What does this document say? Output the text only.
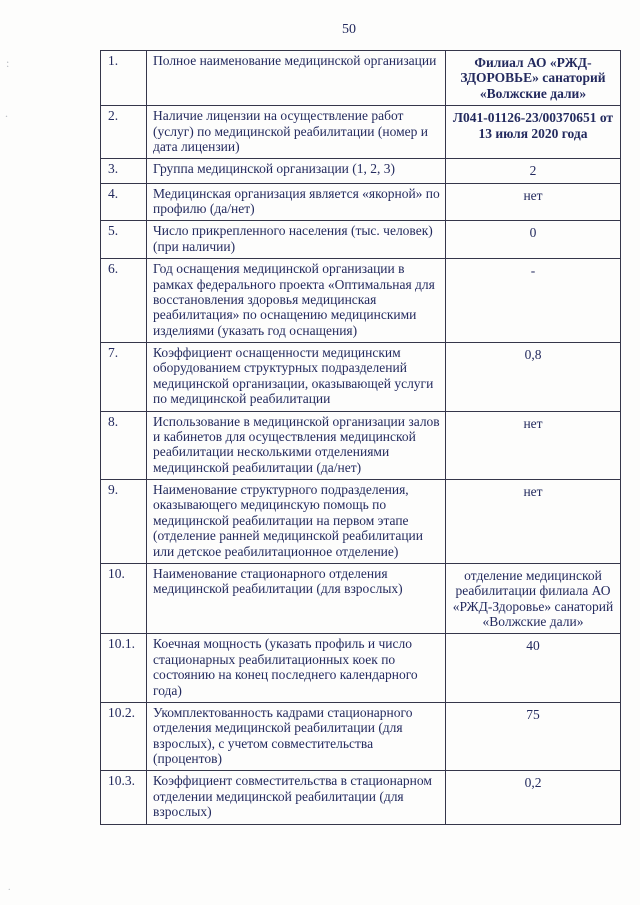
:
.
.
50
1.	Полное наименование медицинской организации	Филиал АО «РЖД-ЗДОРОВЬЕ» санаторий «Волжские дали»
2.	Наличие лицензии на осуществление работ (услуг) по медицинской реабилитации (номер и дата лицензии)	Л041-01126-23/00370651 от 13 июля 2020 года
3.	Группа медицинской организации (1, 2, 3)	2
4.	Медицинская организация является «якорной» по профилю (да/нет)	нет
5.	Число прикрепленного населения (тыс. человек) (при наличии)	0
6.	Год оснащения медицинской организации в рамках федерального проекта «Оптимальная для восстановления здоровья медицинская реабилитация» по оснащению медицинскими изделиями (указать год оснащения)	-
7.	Коэффициент оснащенности медицинским оборудованием структурных подразделений медицинской организации, оказывающей услуги по медицинской реабилитации	0,8
8.	Использование в медицинской организации залов и кабинетов для осуществления медицинской реабилитации несколькими отделениями медицинской реабилитации (да/нет)	нет
9.	Наименование структурного подразделения, оказывающего медицинскую помощь по медицинской реабилитации на первом этапе (отделение ранней медицинской реабилитации или детское реабилитационное отделение)	нет
10.	Наименование стационарного отделения медицинской реабилитации (для взрослых)	отделение медицинской реабилитации филиала АО «РЖД-Здоровье» санаторий «Волжские дали»
10.1.	Коечная мощность (указать профиль и число стационарных реабилитационных коек по состоянию на конец последнего календарного года)	40
10.2.	Укомплектованность кадрами стационарного отделения медицинской реабилитации (для взрослых), с учетом совместительства (процентов)	75
10.3.	Коэффициент совместительства в стационарном отделении медицинской реабилитации (для взрослых)	0,2
